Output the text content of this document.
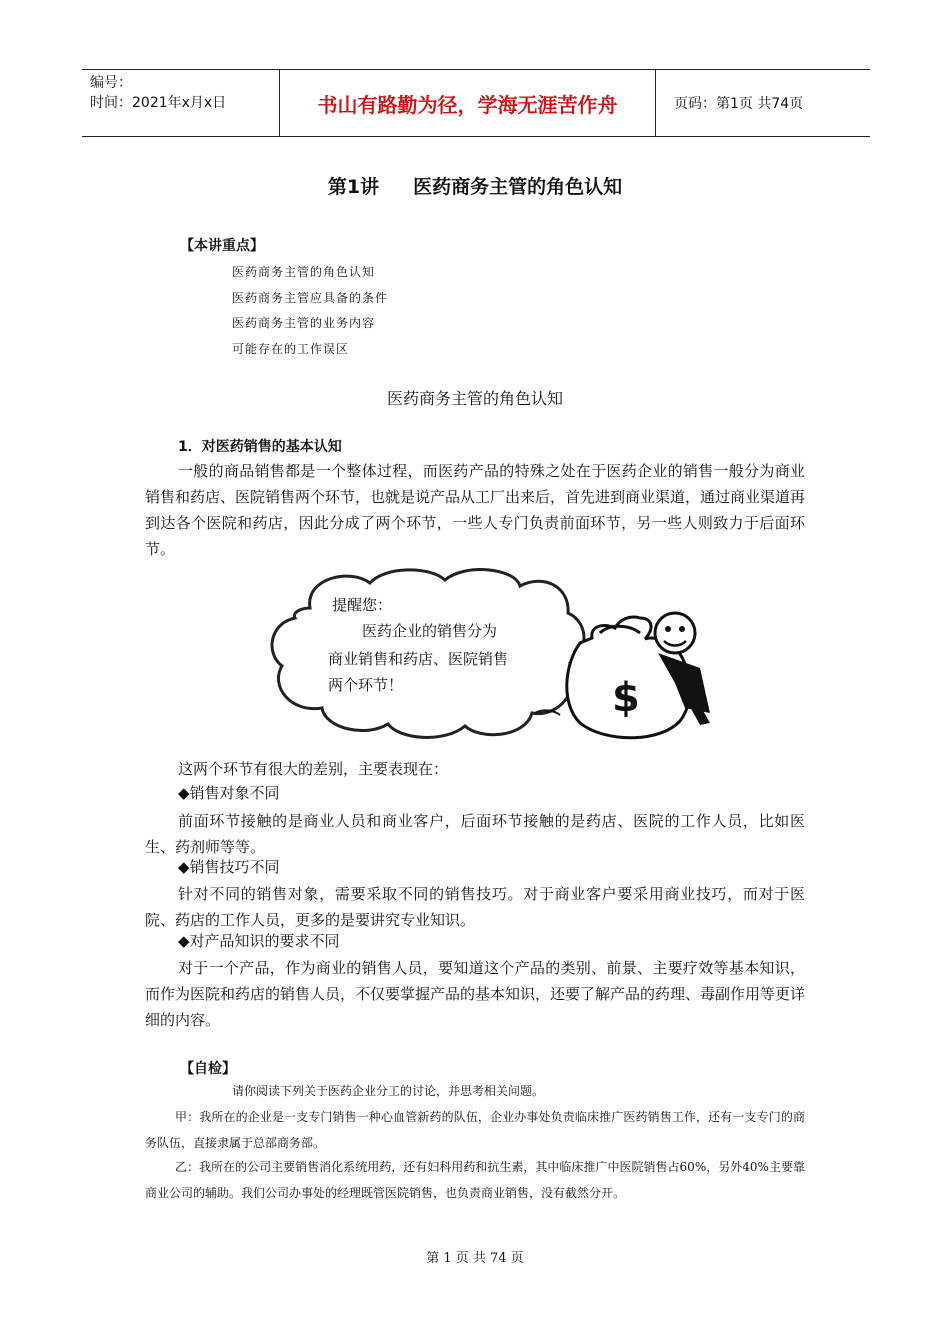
编号：
时间：2021年x月x日	书山有路勤为径，学海无涯苦作舟	页码：第1页 共74页
第1讲 医药商务主管的角色认知
【本讲重点】
医药商务主管的角色认知
医药商务主管应具备的条件
医药商务主管的业务内容
可能存在的工作误区
医药商务主管的角色认知
1．对医药销售的基本认知
一般的商品销售都是一个整体过程，而医药产品的特殊之处在于医药企业的销售一般分为商业销售和药店、医院销售两个环节，也就是说产品从工厂出来后，首先进到商业渠道，通过商业渠道再到达各个医院和药店，因此分成了两个环节，一些人专门负责前面环节，另一些人则致力于后面环节。
$
提醒您：
医药企业的销售分为
商业销售和药店、医院销售
两个环节！
这两个环节有很大的差别，主要表现在：
◆销售对象不同
前面环节接触的是商业人员和商业客户，后面环节接触的是药店、医院的工作人员，比如医生、药剂师等等。
◆销售技巧不同
针对不同的销售对象，需要采取不同的销售技巧。对于商业客户要采用商业技巧，而对于医院、药店的工作人员，更多的是要讲究专业知识。
◆对产品知识的要求不同
对于一个产品，作为商业的销售人员，要知道这个产品的类别、前景、主要疗效等基本知识，而作为医院和药店的销售人员，不仅要掌握产品的基本知识，还要了解产品的药理、毒副作用等更详细的内容。
【自检】
请你阅读下列关于医药企业分工的讨论，并思考相关问题。
甲：我所在的企业是一支专门销售一种心血管新药的队伍，企业办事处负责临床推广医药销售工作，还有一支专门的商务队伍，直接隶属于总部商务部。
乙：我所在的公司主要销售消化系统用药，还有妇科用药和抗生素，其中临床推广中医院销售占60%，另外40%主要靠商业公司的辅助。我们公司办事处的经理既管医院销售，也负责商业销售，没有截然分开。
第 1 页 共 74 页
